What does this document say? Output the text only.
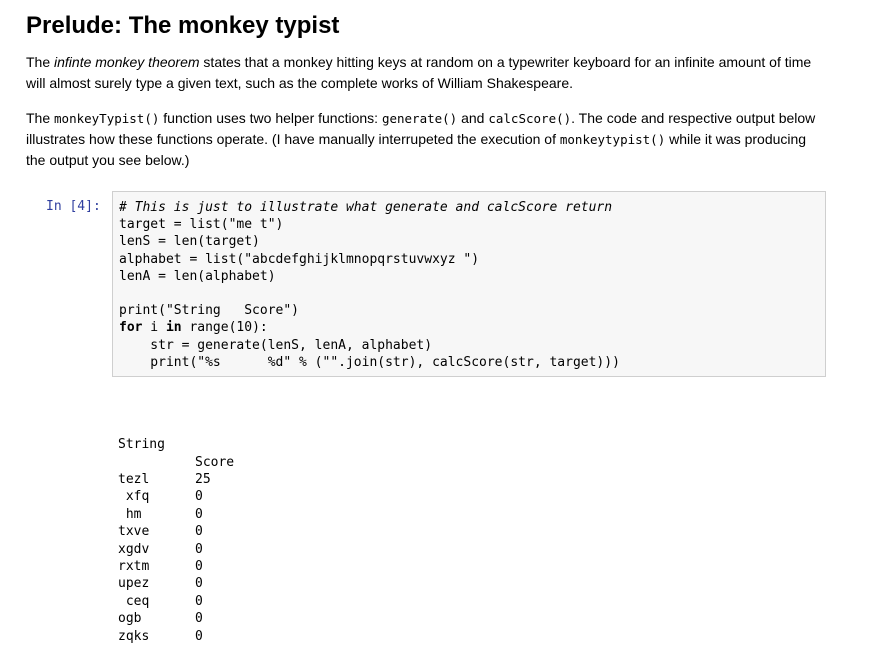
Prelude: The monkey typist

The infinte monkey theorem states that a monkey hitting keys at random on a typewriter keyboard for an infinite amount of time will almost surely type a given text, such as the complete works of William Shakespeare.

The monkeyTypist() function uses two helper functions: generate() and calcScore(). The code and respective output below illustrates how these functions operate. (I have manually interrupeted the execution of monkeytypist() while it was producing the output you see below.)

In [4]: # This is just to illustrate what generate and calcScore return
target = list("me t")
lenS = len(target)
alphabet = list("abcdefghijklmnopqrstuvwxyz ")
lenA = len(alphabet)
print("String   Score")
for i in range(10):
str = generate(lenS, lenA, alphabet)
print("%s      %d" % ("".join(str), calcScore(str, target)))

String

Score

tezl	25
xfq	0
hm	0
txve	0
xgdv	0
rxtm	0
upez	0
ceq	0
ogb	0
zqks	0
